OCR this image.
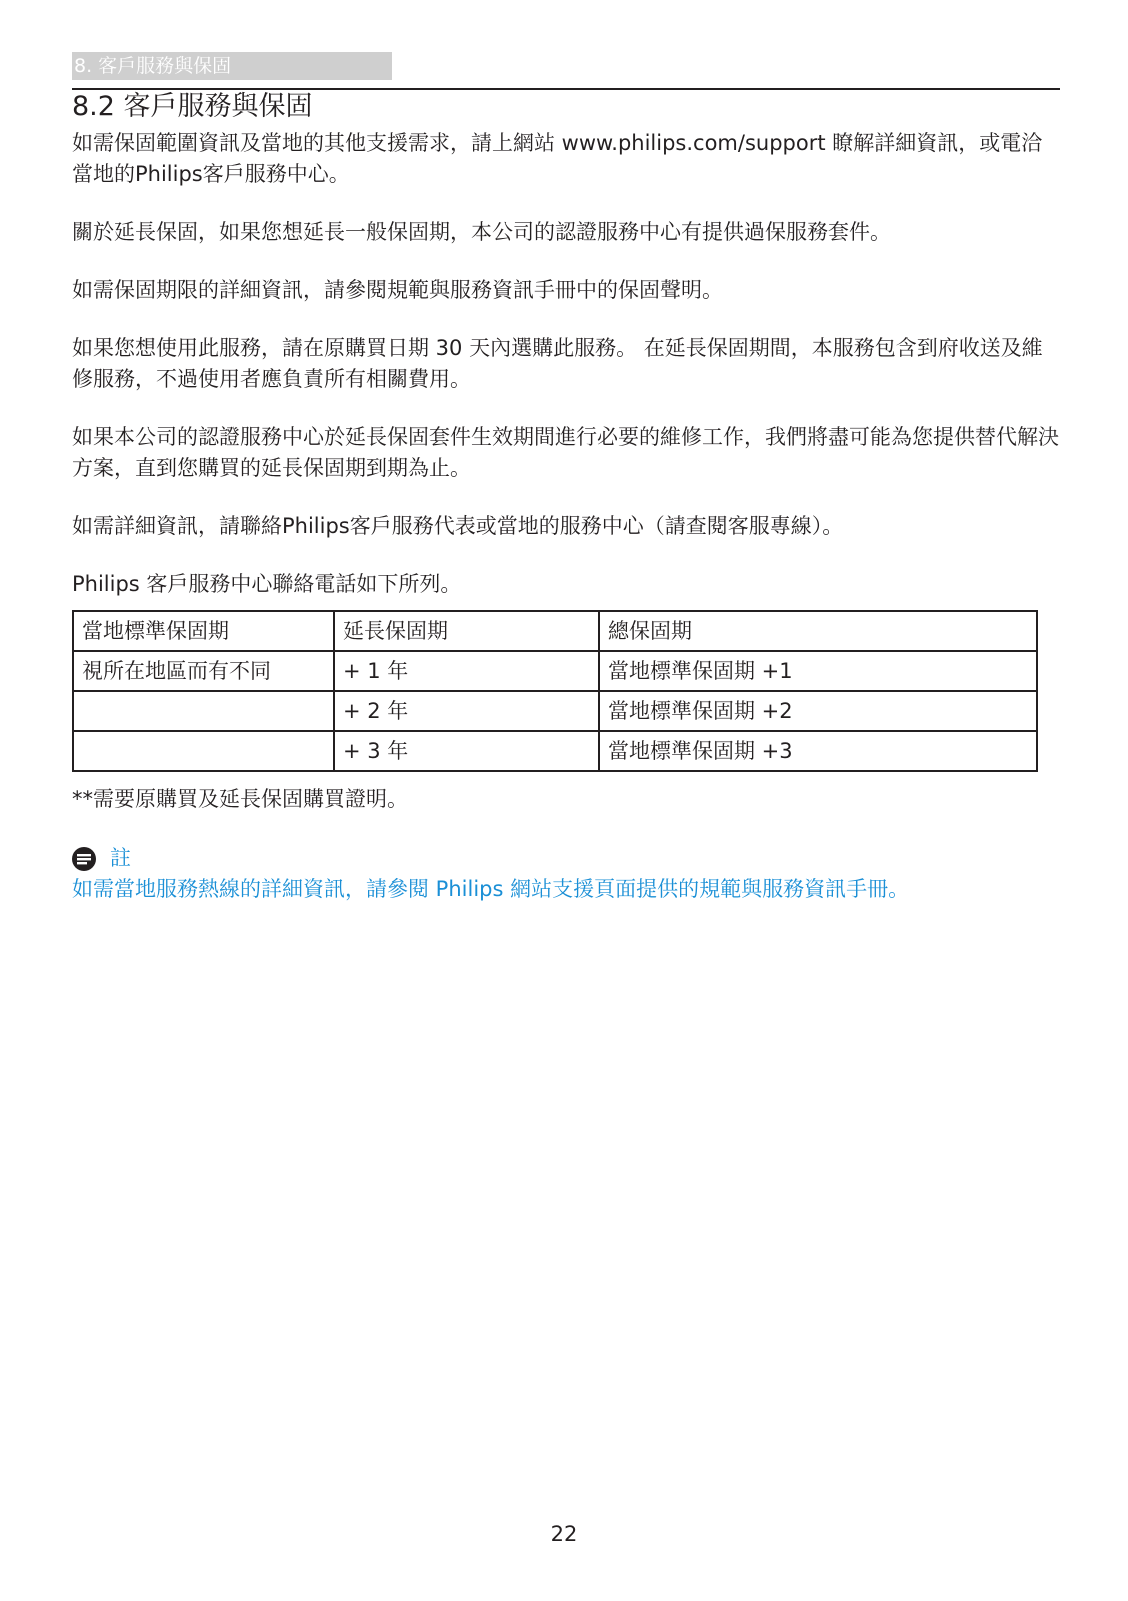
8. 客戶服務與保固
8.2 客戶服務與保固

如需保固範圍資訊及當地的其他支援需求，請上網站 www.philips.com/support 瞭解詳細資訊，或電洽當地的Philips客戶服務中心。

關於延長保固，如果您想延長一般保固期，本公司的認證服務中心有提供過保服務套件。

如需保固期限的詳細資訊，請參閱規範與服務資訊手冊中的保固聲明。

如果您想使用此服務，請在原購買日期 30 天內選購此服務。 在延長保固期間，本服務包含到府收送及維修服務，不過使用者應負責所有相關費用。

如果本公司的認證服務中心於延長保固套件生效期間進行必要的維修工作，我們將盡可能為您提供替代解決方案，直到您購買的延長保固期到期為止。

如需詳細資訊，請聯絡Philips客戶服務代表或當地的服務中心（請查閱客服專線）。

Philips 客戶服務中心聯絡電話如下所列。

當地標準保固期	延長保固期	總保固期
視所在地區而有不同	+ 1 年	當地標準保固期 +1
	+ 2 年	當地標準保固期 +2
	+ 3 年	當地標準保固期 +3

**需要原購買及延長保固購買證明。

註

如需當地服務熱線的詳細資訊，請參閱 Philips 網站支援頁面提供的規範與服務資訊手冊。

22
